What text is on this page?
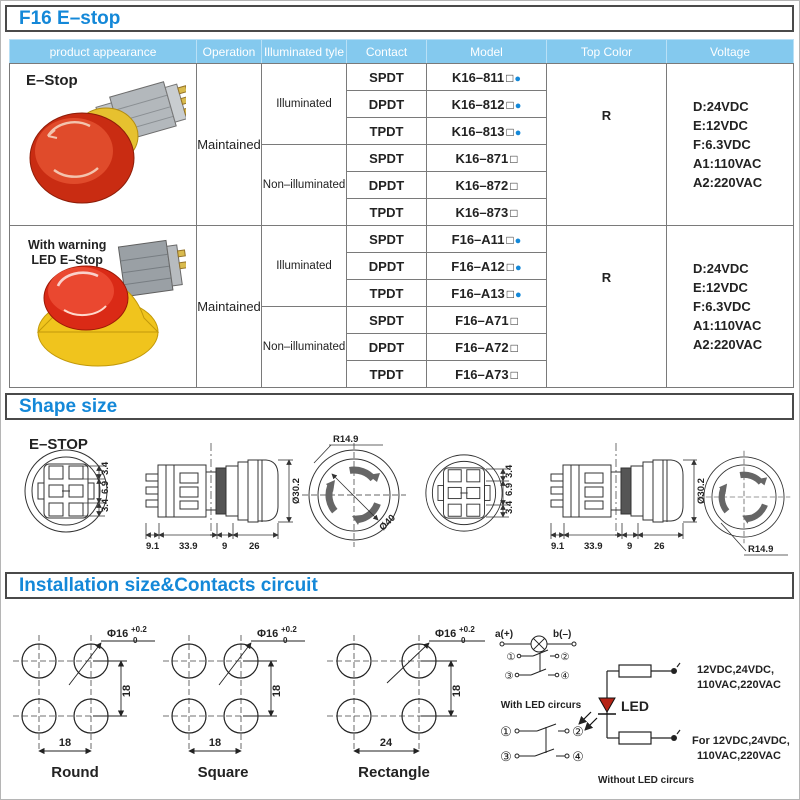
F16 E–stop
product appearance	Operation	Illuminated tyle	Contact	Model	Top Color	Voltage

E–Stop	Maintained	Illuminated	SPDT	K16–811 □●	R	D:24VDC
E:12VDC
F:6.3VDC
A1:110VAC
A2:220VAC

			DPDT	K16–812 □●		
			TPDT	K16–813 □●		
		Non–illuminated	SPDT	K16–871 □		
			DPDT	K16–872 □		
			TPDT	K16–873 □		

With warning
LED E–Stop
	Maintained	Illuminated	SPDT	F16–A11 □●	R	
D:24VDC
E:12VDC
F:6.3VDC
A1:110VAC
A2:220VAC

			DPDT	F16–A12 □●		
			TPDT	F16–A13 □●		
		Non–illuminated	SPDT	F16–A71 □		
			DPDT	F16–A72 □		
			TPDT	F16–A73 □		
Shape size
E–STOP
3.4
6.9
3.4
9.1 33.9	9 26
Ø30.2
R14.9
Ø40
3.4
6.9
3.4
9.1 33.9	9 26
Ø30.2
R14.9
Installation size&Contacts circuit
Φ16 +0.2
0
18
18
Round
Φ16 +0.2
0
18
18
Square
Φ16 +0.2
0
18
24
Rectangle
a(+)	b(–)
①	②
③	④
With LED circurs
①	②
③	④
Without LED circurs
LED
12VDC,24VDC,
110VAC,220VAC
For 12VDC,24VDC,
110VAC,220VAC
